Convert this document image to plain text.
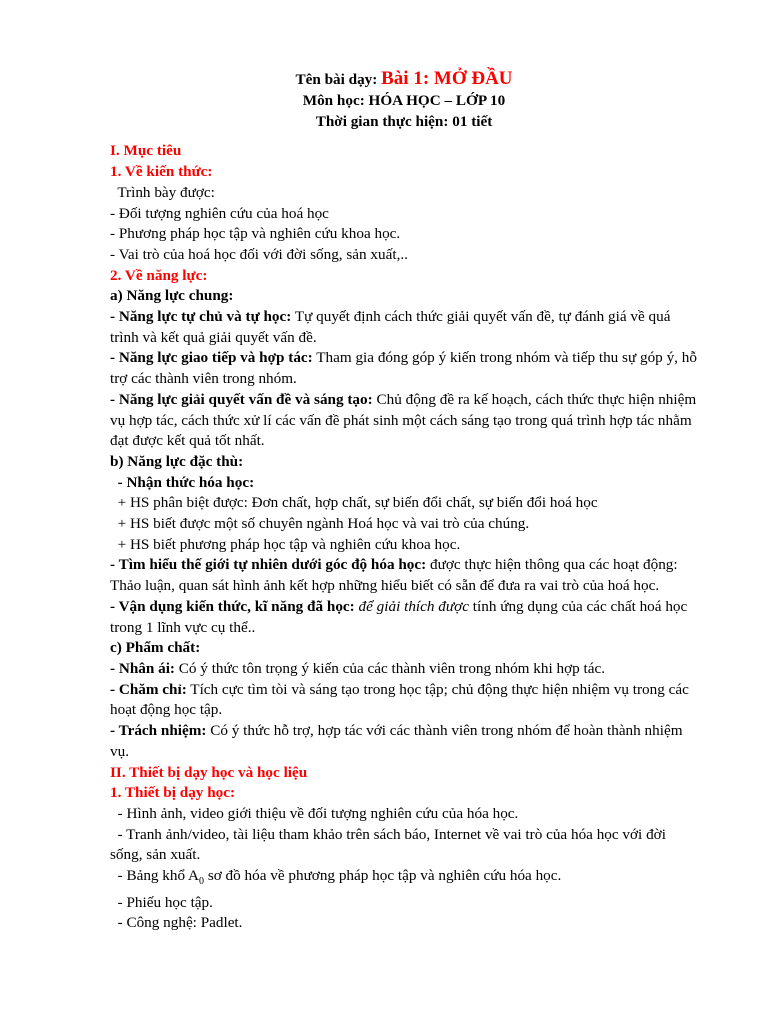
Tên bài dạy: Bài 1: MỞ ĐẦU
Môn học: HÓA HỌC – LỚP 10
Thời gian thực hiện: 01 tiết

I. Mục tiêu

1. Về kiến thức:

Trình bày được:

- Đối tượng nghiên cứu của hoá học

- Phương pháp học tập và nghiên cứu khoa học.

- Vai trò của hoá học đối với đời sống, sản xuất,..

2. Về năng lực:

a) Năng lực chung:

- Năng lực tự chủ và tự học: Tự quyết định cách thức giải quyết vấn đề, tự đánh giá về quá trình và kết quả giải quyết vấn đề.

- Năng lực giao tiếp và hợp tác: Tham gia đóng góp ý kiến trong nhóm và tiếp thu sự góp ý, hỗ trợ các thành viên trong nhóm.

- Năng lực giải quyết vấn đề và sáng tạo: Chủ động đề ra kế hoạch, cách thức thực hiện nhiệm vụ hợp tác, cách thức xử lí các vấn đề phát sinh một cách sáng tạo trong quá trình hợp tác nhằm đạt được kết quả tốt nhất.

b) Năng lực đặc thù:

- Nhận thức hóa học:

+ HS phân biệt được: Đơn chất, hợp chất, sự biến đổi chất, sự biến đổi hoá học

+ HS biết được một số chuyên ngành Hoá học và vai trò của chúng.

+ HS biết phương pháp học tập và nghiên cứu khoa học.

- Tìm hiểu thế giới tự nhiên dưới góc độ hóa học: được thực hiện thông qua các hoạt động: Thảo luận, quan sát hình ảnh kết hợp những hiểu biết có sẵn để đưa ra vai trò của hoá học.

- Vận dụng kiến thức, kĩ năng đã học: để giải thích được tính ứng dụng của các chất hoá học trong 1 lĩnh vực cụ thể..

c) Phẩm chất:

- Nhân ái: Có ý thức tôn trọng ý kiến của các thành viên trong nhóm khi hợp tác.

- Chăm chỉ: Tích cực tìm tòi và sáng tạo trong học tập; chủ động thực hiện nhiệm vụ trong các hoạt động học tập.

- Trách nhiệm: Có ý thức hỗ trợ, hợp tác với các thành viên trong nhóm để hoàn thành nhiệm vụ.

II. Thiết bị dạy học và học liệu

1. Thiết bị dạy học:

- Hình ảnh, video giới thiệu về đối tượng nghiên cứu của hóa học.

- Tranh ảnh/video, tài liệu tham khảo trên sách báo, Internet về vai trò của hóa học với đời sống, sản xuất.

- Bảng khổ $A_0$ sơ đồ hóa về phương pháp học tập và nghiên cứu hóa học.

- Phiếu học tập.

- Công nghệ: Padlet.
